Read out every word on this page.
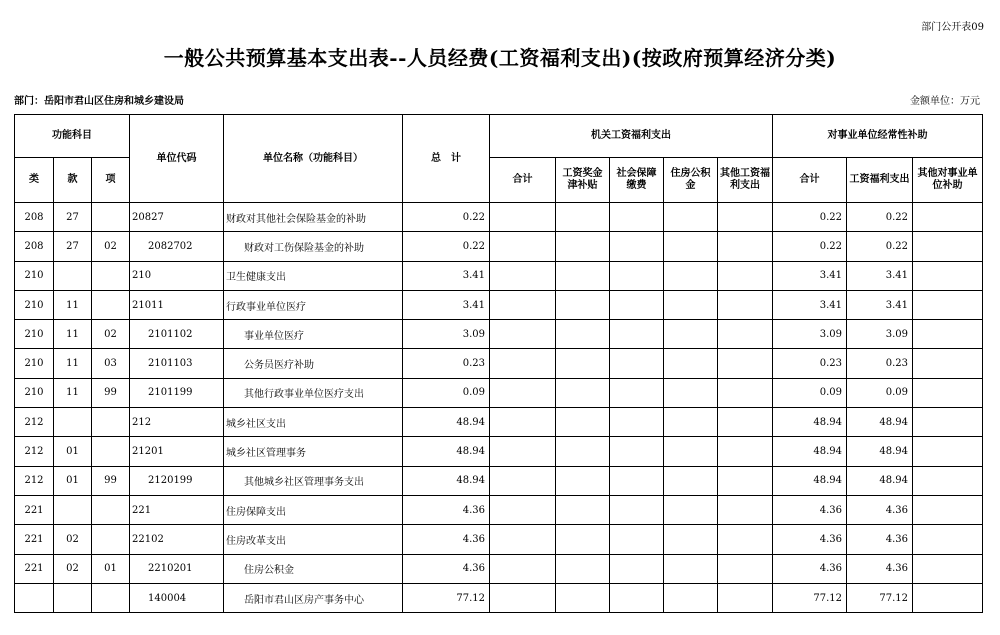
部门公开表09
一般公共预算基本支出表--人员经费(工资福利支出)(按政府预算经济分类)
部门：岳阳市君山区住房和城乡建设局	金额单位：万元
功能科目			单位代码	单位名称（功能科目）	总　计	机关工资福利支出					对事业单位经常性补助		
类	款	项				合计	工资奖金津补贴	社会保障缴费	住房公积金	其他工资福利支出	合计	工资福利支出	其他对事业单位补助
208	27		20827	财政对其他社会保险基金的补助	0.22						0.22	0.22	
208	27	02	2082702	财政对工伤保险基金的补助	0.22						0.22	0.22	
210			210	卫生健康支出	3.41						3.41	3.41	
210	11		21011	行政事业单位医疗	3.41						3.41	3.41	
210	11	02	2101102	事业单位医疗	3.09						3.09	3.09	
210	11	03	2101103	公务员医疗补助	0.23						0.23	0.23	
210	11	99	2101199	其他行政事业单位医疗支出	0.09						0.09	0.09	
212			212	城乡社区支出	48.94						48.94	48.94	
212	01		21201	城乡社区管理事务	48.94						48.94	48.94	
212	01	99	2120199	其他城乡社区管理事务支出	48.94						48.94	48.94	
221			221	住房保障支出	4.36						4.36	4.36	
221	02		22102	住房改革支出	4.36						4.36	4.36	
221	02	01	2210201	住房公积金	4.36						4.36	4.36	
			140004	岳阳市君山区房产事务中心	77.12						77.12	77.12	
